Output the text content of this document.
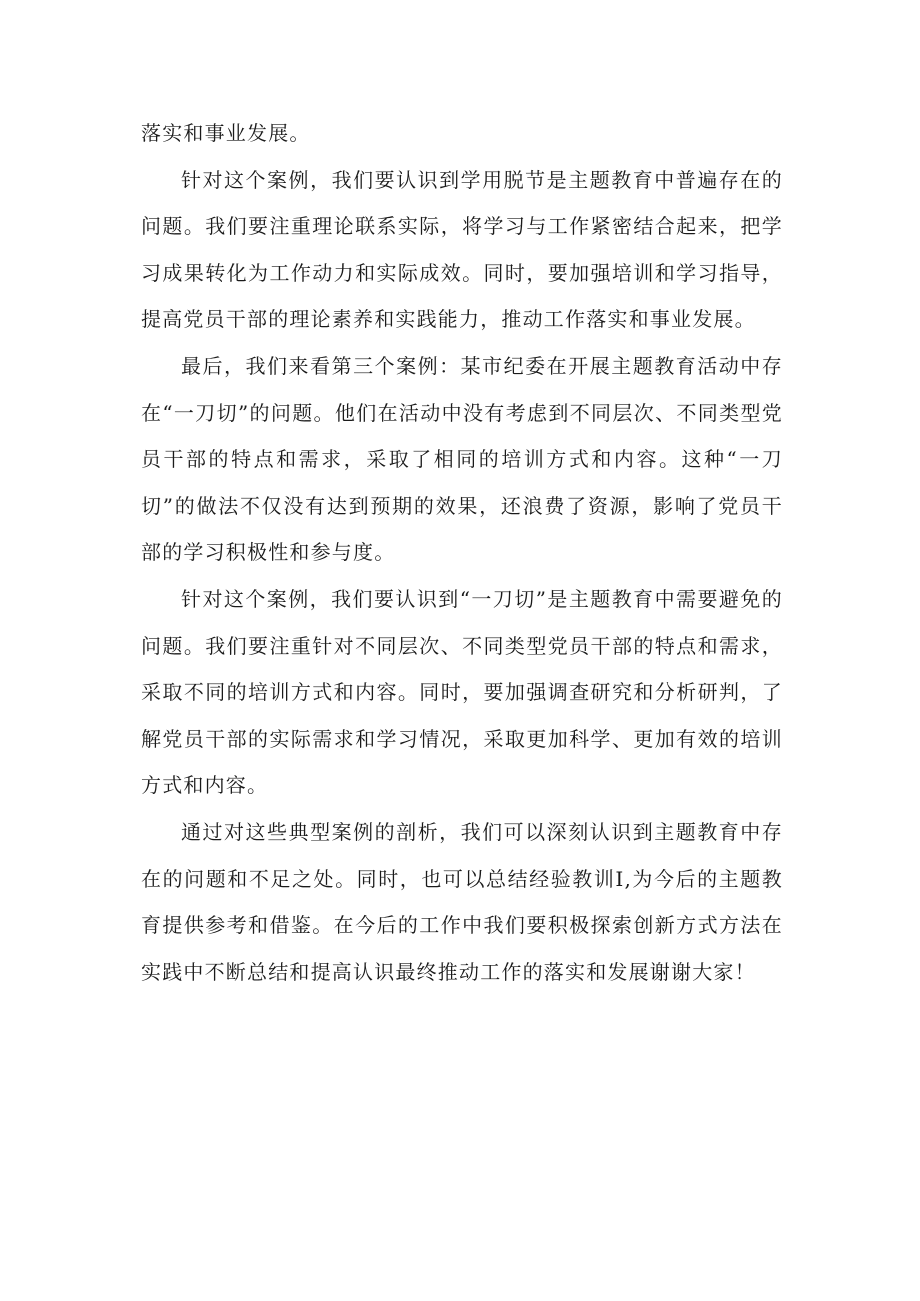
落实和事业发展。

针对这个案例，我们要认识到学用脱节是主题教育中普遍存在的问题。我们要注重理论联系实际，将学习与工作紧密结合起来，把学习成果转化为工作动力和实际成效。同时，要加强培训和学习指导，提高党员干部的理论素养和实践能力，推动工作落实和事业发展。

最后，我们来看第三个案例：某市纪委在开展主题教育活动中存在“一刀切”的问题。他们在活动中没有考虑到不同层次、不同类型党员干部的特点和需求，采取了相同的培训方式和内容。这种“一刀切”的做法不仅没有达到预期的效果，还浪费了资源，影响了党员干部的学习积极性和参与度。

针对这个案例，我们要认识到“一刀切”是主题教育中需要避免的问题。我们要注重针对不同层次、不同类型党员干部的特点和需求，采取不同的培训方式和内容。同时，要加强调查研究和分析研判，了解党员干部的实际需求和学习情况，采取更加科学、更加有效的培训方式和内容。

通过对这些典型案例的剖析，我们可以深刻认识到主题教育中存在的问题和不足之处。同时，也可以总结经验教训I,为今后的主题教育提供参考和借鉴。在今后的工作中我们要积极探索创新方式方法在实践中不断总结和提高认识最终推动工作的落实和发展谢谢大家！
